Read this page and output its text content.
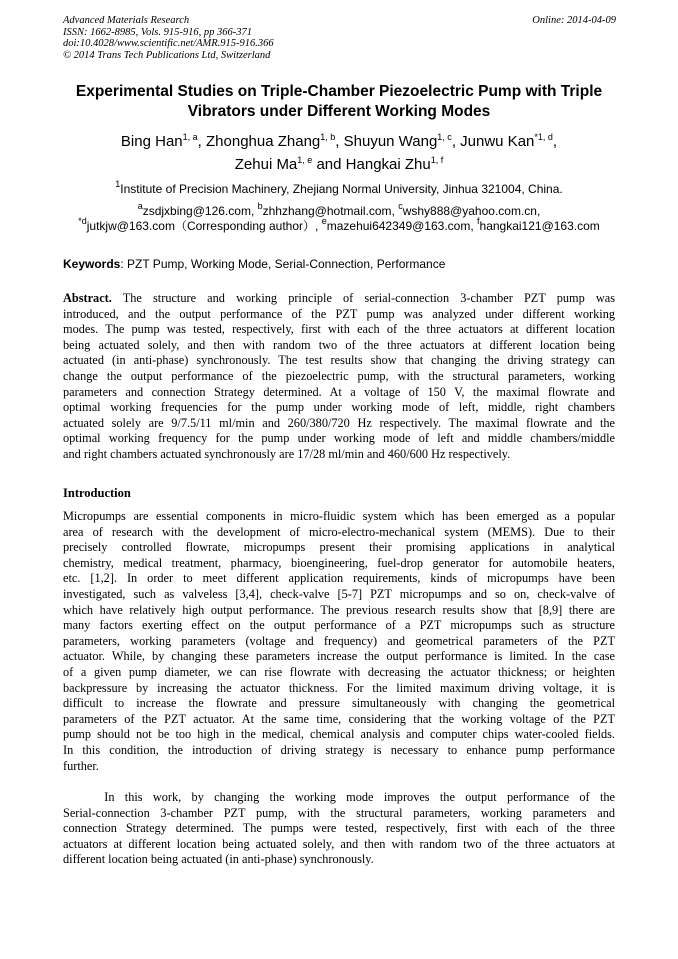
Advanced Materials Research
ISSN: 1662-8985, Vols. 915-916, pp 366-371
doi:10.4028/www.scientific.net/AMR.915-916.366
© 2014 Trans Tech Publications Ltd, Switzerland
Online: 2014-04-09
Experimental Studies on Triple-Chamber Piezoelectric Pump with Triple
Vibrators under Different Working Modes
Bing Han$^{1, a}$, Zhonghua Zhang$^{1, b}$, Shuyun Wang$^{1, c}$, Junwu Kan$^{*1, d}$,
Zehui Ma$^{1, e}$ and Hangkai Zhu$^{1, f}$
$^1$Institute of Precision Machinery, Zhejiang Normal University, Jinhua 321004, China.
$^a$zsdjxbing@126.com, $^b$zhhzhang@hotmail.com, $^c$wshy888@yahoo.com.cn,
$^{*d}$jutkjw@163.com（Corresponding author）, $^e$mazehui642349@163.com, $^f$hangkai121@163.com
Keywords: PZT Pump, Working Mode, Serial-Connection, Performance
Abstract. The structure and working principle of serial-connection 3-chamber PZT pump was
introduced, and the output performance of the PZT pump was analyzed under different working
modes. The pump was tested, respectively, first with each of the three actuators at different location
being actuated solely, and then with random two of the three actuators at different location being
actuated (in anti-phase) synchronously. The test results show that changing the driving strategy can
change the output performance of the piezoelectric pump, with the structural parameters, working
parameters and connection Strategy determined. At a voltage of 150 V, the maximal flowrate and
optimal working frequencies for the pump under working mode of left, middle, right chambers
actuated solely are 9/7.5/11 ml/min and 260/380/720 Hz respectively. The maximal flowrate and the
optimal working frequency for the pump under working mode of left and middle chambers/middle
and right chambers actuated synchronously are 17/28 ml/min and 460/600 Hz respectively.
Introduction
Micropumps are essential components in micro-fluidic system which has been emerged as a popular
area of research with the development of micro-electro-mechanical system (MEMS). Due to their
precisely controlled flowrate, micropumps present their promising applications in analytical
chemistry, medical treatment, pharmacy, bioengineering, fuel-drop generator for automobile heaters,
etc. [1,2]. In order to meet different application requirements, kinds of micropumps have been
investigated, such as valveless [3,4], check-valve [5-7] PZT micropumps and so on, check-valve of
which have relatively high output performance. The previous research results show that [8,9] there are
many factors exerting effect on the output performance of a PZT micropumps such as structure
parameters, working parameters (voltage and frequency) and geometrical parameters of the PZT
actuator. While, by changing these parameters increase the output performance is limited. In the case
of a given pump diameter, we can rise flowrate with decreasing the actuator thickness; or heighten
backpressure by increasing the actuator thickness. For the limited maximum driving voltage, it is
difficult to increase the flowrate and pressure simultaneously with changing the geometrical
parameters of the PZT actuator. At the same time, considering that the working voltage of the PZT
pump should not be too high in the medical, chemical analysis and computer chips water-cooled fields.
In this condition, the introduction of driving strategy is necessary to enhance pump performance
further.
In this work, by changing the working mode improves the output performance of the
Serial-connection 3-chamber PZT pump, with the structural parameters, working parameters and
connection Strategy determined. The pumps were tested, respectively, first with each of the three
actuators at different location being actuated solely, and then with random two of the three actuators at
different location being actuated (in anti-phase) synchronously.
